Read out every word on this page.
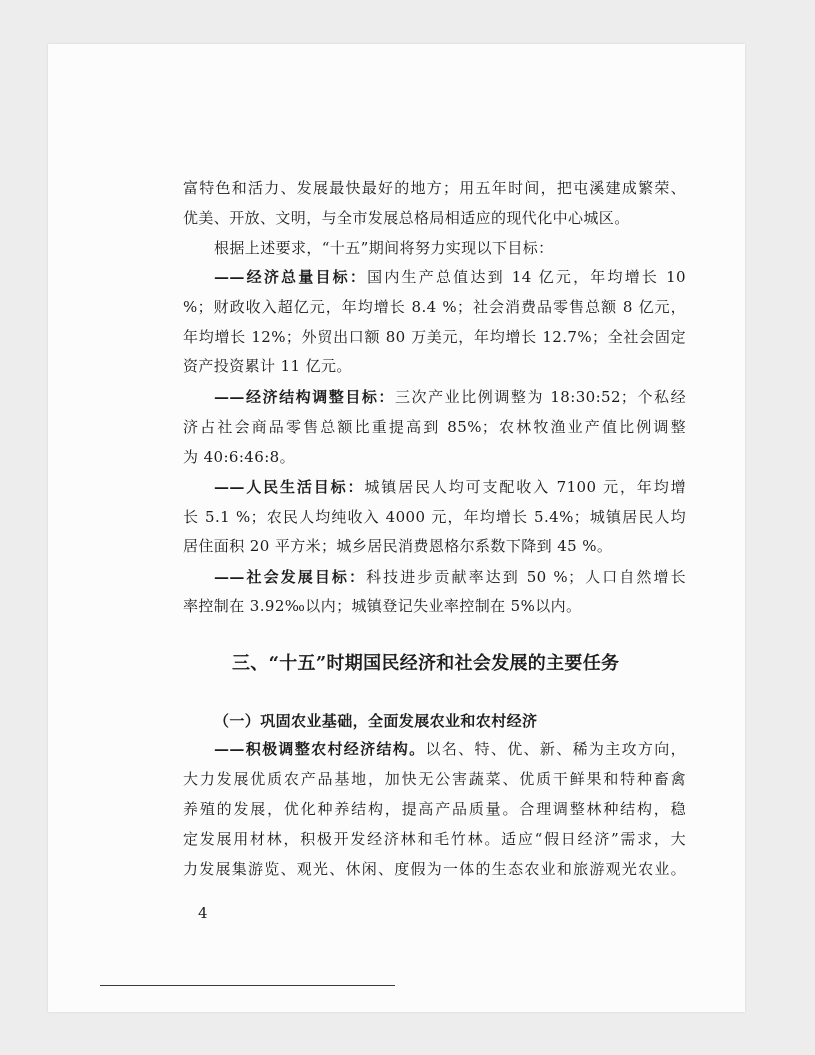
富特色和活力、发展最快最好的地方；用五年时间，把屯溪建成繁荣、
优美、开放、文明，与全市发展总格局相适应的现代化中心城区。
根据上述要求，“十五”期间将努力实现以下目标：
——经济总量目标：国内生产总值达到 14 亿元，年均增长 10
%；财政收入超亿元，年均增长 8.4 %；社会消费品零售总额 8 亿元，
年均增长 12%；外贸出口额 80 万美元，年均增长 12.7%；全社会固定
资产投资累计 11 亿元。
——经济结构调整目标：三次产业比例调整为 18:30:52；个私经
济占社会商品零售总额比重提高到 85%；农林牧渔业产值比例调整
为 40:6:46:8。
——人民生活目标：城镇居民人均可支配收入 7100 元，年均增
长 5.1 %；农民人均纯收入 4000 元，年均增长 5.4%；城镇居民人均
居住面积 20 平方米；城乡居民消费恩格尔系数下降到 45 %。
——社会发展目标：科技进步贡献率达到 50 %；人口自然增长
率控制在 3.92‰以内；城镇登记失业率控制在 5%以内。
三、“十五”时期国民经济和社会发展的主要任务
（一）巩固农业基础，全面发展农业和农村经济
——积极调整农村经济结构。以名、特、优、新、稀为主攻方向，
大力发展优质农产品基地，加快无公害蔬菜、优质干鲜果和特种畜禽
养殖的发展，优化种养结构，提高产品质量。合理调整林种结构，稳
定发展用材林，积极开发经济林和毛竹林。适应“假日经济”需求，大
力发展集游览、观光、休闲、度假为一体的生态农业和旅游观光农业。
4
